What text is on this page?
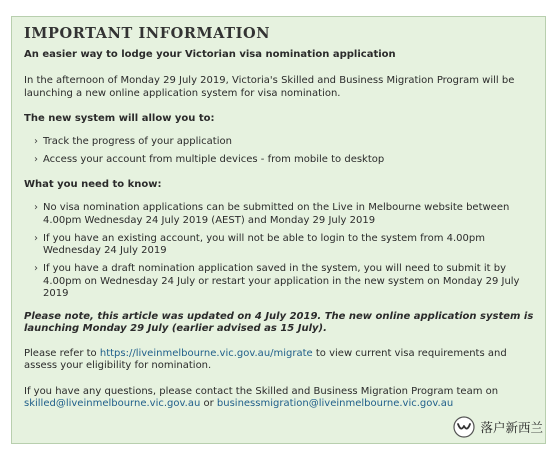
IMPORTANT INFORMATION

An easier way to lodge your Victorian visa nomination application

In the afternoon of Monday 29 July 2019, Victoria's Skilled and Business Migration Program will be launching a new online application system for visa nomination.

The new system will allow you to:
› Track the progress of your application
› Access your account from multiple devices - from mobile to desktop
What you need to know:
› No visa nomination applications can be submitted on the Live in Melbourne website between 4.00pm Wednesday 24 July 2019 (AEST) and Monday 29 July 2019
› If you have an existing account, you will not be able to login to the system from 4.00pm Wednesday 24 July 2019
› If you have a draft nomination application saved in the system, you will need to submit it by 4.00pm on Wednesday 24 July or restart your application in the new system on Monday 29 July 2019

Please note, this article was updated on 4 July 2019. The new online application system is launching Monday 29 July (earlier advised as 15 July).

Please refer to https://liveinmelbourne.vic.gov.au/migrate to view current visa requirements and assess your eligibility for nomination.

If you have any questions, please contact the Skilled and Business Migration Program team on skilled@liveinmelbourne.vic.gov.au or businessmigration@liveinmelbourne.vic.gov.au

落户新西兰
